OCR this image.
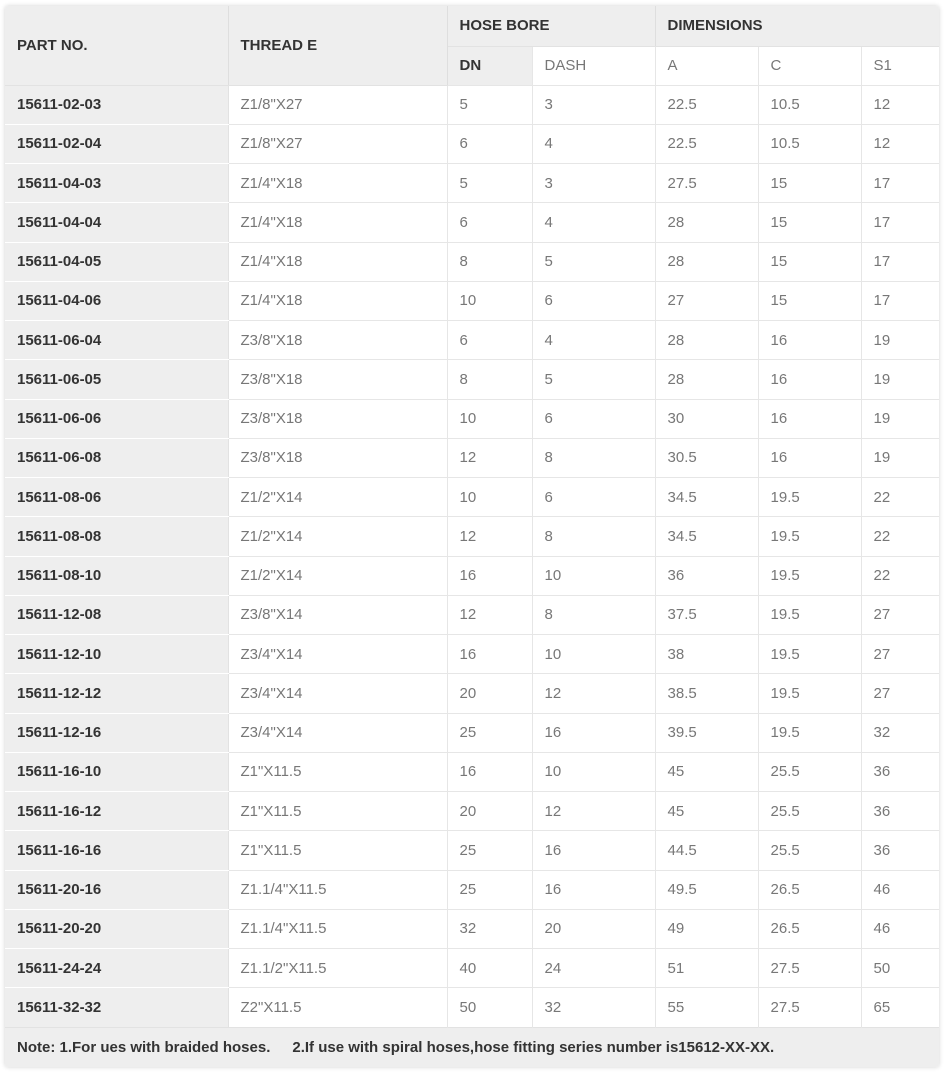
PART NO.	THREAD E	HOSE BORE		DIMENSIONS		
		DN	DASH	A	C	S1
15611-02-03	Z1/8"X27	5	3	22.5	10.5	12
15611-02-04	Z1/8"X27	6	4	22.5	10.5	12
15611-04-03	Z1/4"X18	5	3	27.5	15	17
15611-04-04	Z1/4"X18	6	4	28	15	17
15611-04-05	Z1/4"X18	8	5	28	15	17
15611-04-06	Z1/4"X18	10	6	27	15	17
15611-06-04	Z3/8"X18	6	4	28	16	19
15611-06-05	Z3/8"X18	8	5	28	16	19
15611-06-06	Z3/8"X18	10	6	30	16	19
15611-06-08	Z3/8"X18	12	8	30.5	16	19
15611-08-06	Z1/2"X14	10	6	34.5	19.5	22
15611-08-08	Z1/2"X14	12	8	34.5	19.5	22
15611-08-10	Z1/2"X14	16	10	36	19.5	22
15611-12-08	Z3/8"X14	12	8	37.5	19.5	27
15611-12-10	Z3/4"X14	16	10	38	19.5	27
15611-12-12	Z3/4"X14	20	12	38.5	19.5	27
15611-12-16	Z3/4"X14	25	16	39.5	19.5	32
15611-16-10	Z1"X11.5	16	10	45	25.5	36
15611-16-12	Z1"X11.5	20	12	45	25.5	36
15611-16-16	Z1"X11.5	25	16	44.5	25.5	36
15611-20-16	Z1.1/4"X11.5	25	16	49.5	26.5	46
15611-20-20	Z1.1/4"X11.5	32	20	49	26.5	46
15611-24-24	Z1.1/2"X11.5	40	24	51	27.5	50
15611-32-32	Z2"X11.5	50	32	55	27.5	65
Note: 1.For ues with braided hoses. 2.If use with spiral hoses,hose fitting series number is15612-XX-XX.						
